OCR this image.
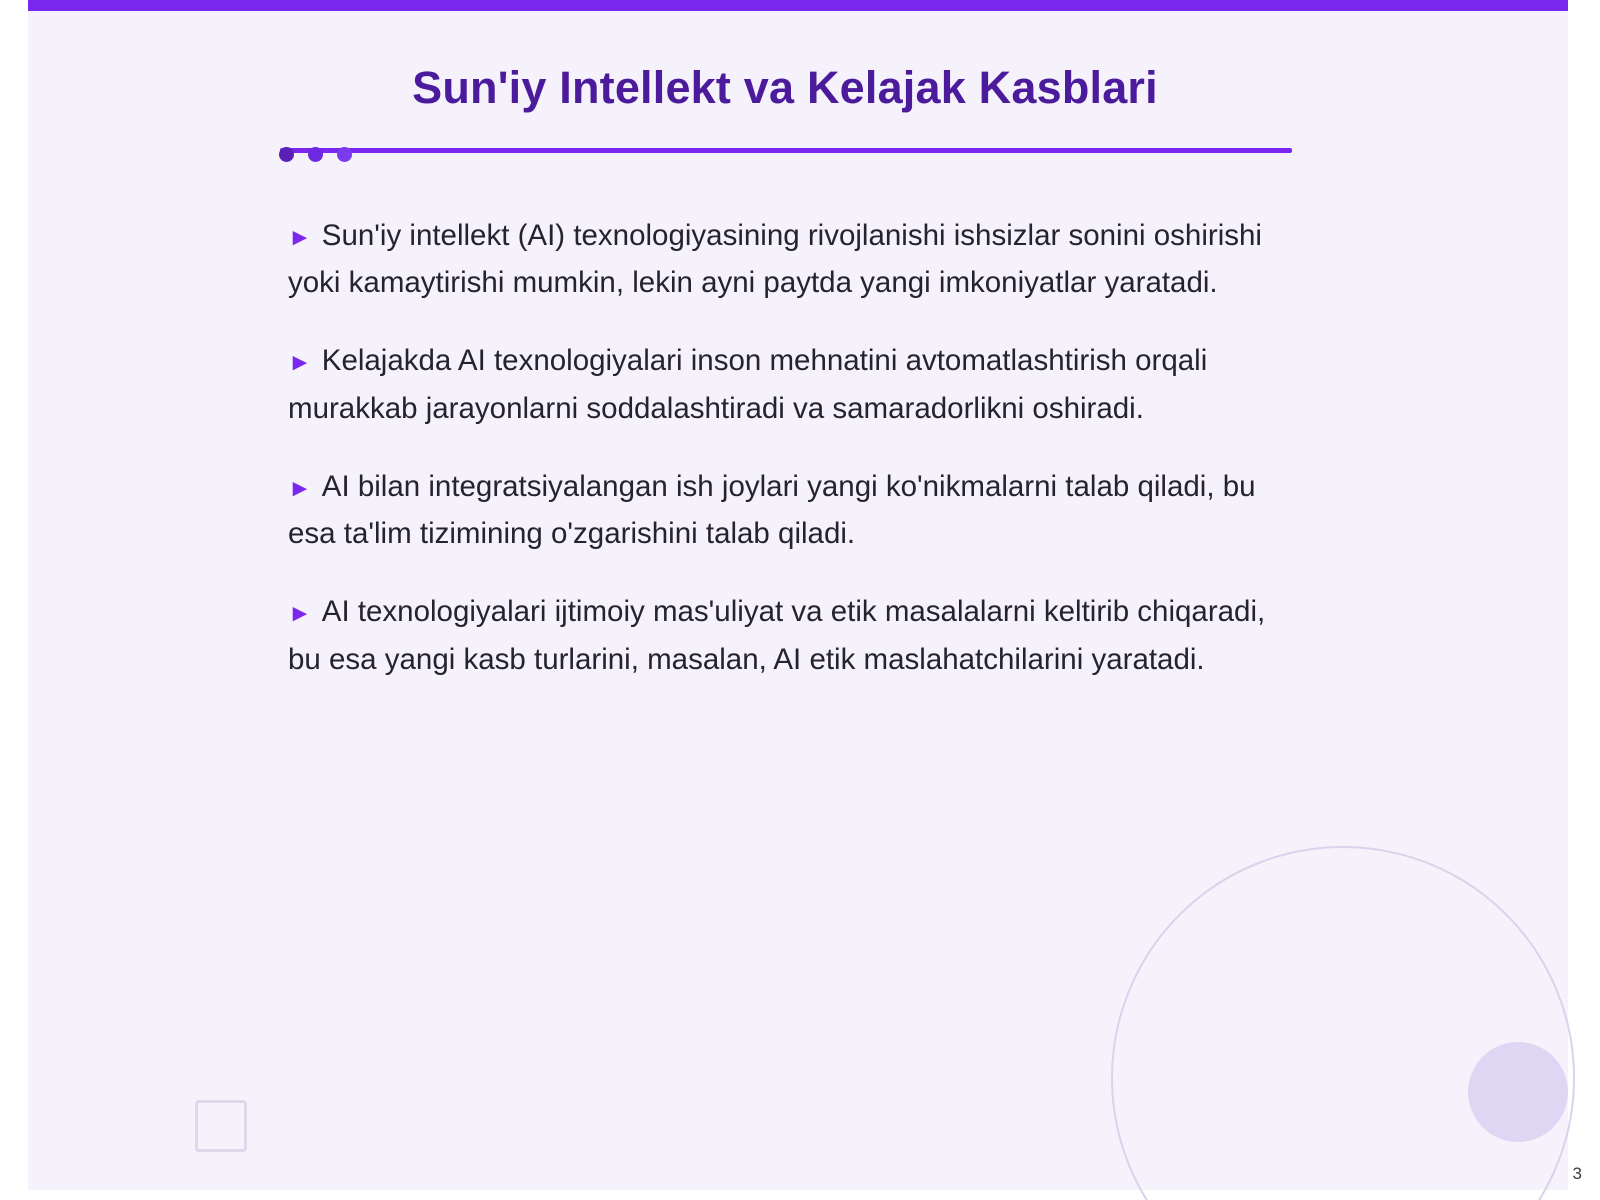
Sun'iy Intellekt va Kelajak Kasblari

► Sun'iy intellekt (AI) texnologiyasining rivojlanishi ishsizlar sonini oshirishi yoki kamaytirishi mumkin, lekin ayni paytda yangi imkoniyatlar yaratadi.

► Kelajakda AI texnologiyalari inson mehnatini avtomatlashtirish orqali murakkab jarayonlarni soddalashtiradi va samaradorlikni oshiradi.

► AI bilan integratsiyalangan ish joylari yangi ko'nikmalarni talab qiladi, bu esa ta'lim tizimining o'zgarishini talab qiladi.

► AI texnologiyalari ijtimoiy mas'uliyat va etik masalalarni keltirib chiqaradi, bu esa yangi kasb turlarini, masalan, AI etik maslahatchilarini yaratadi.

3
